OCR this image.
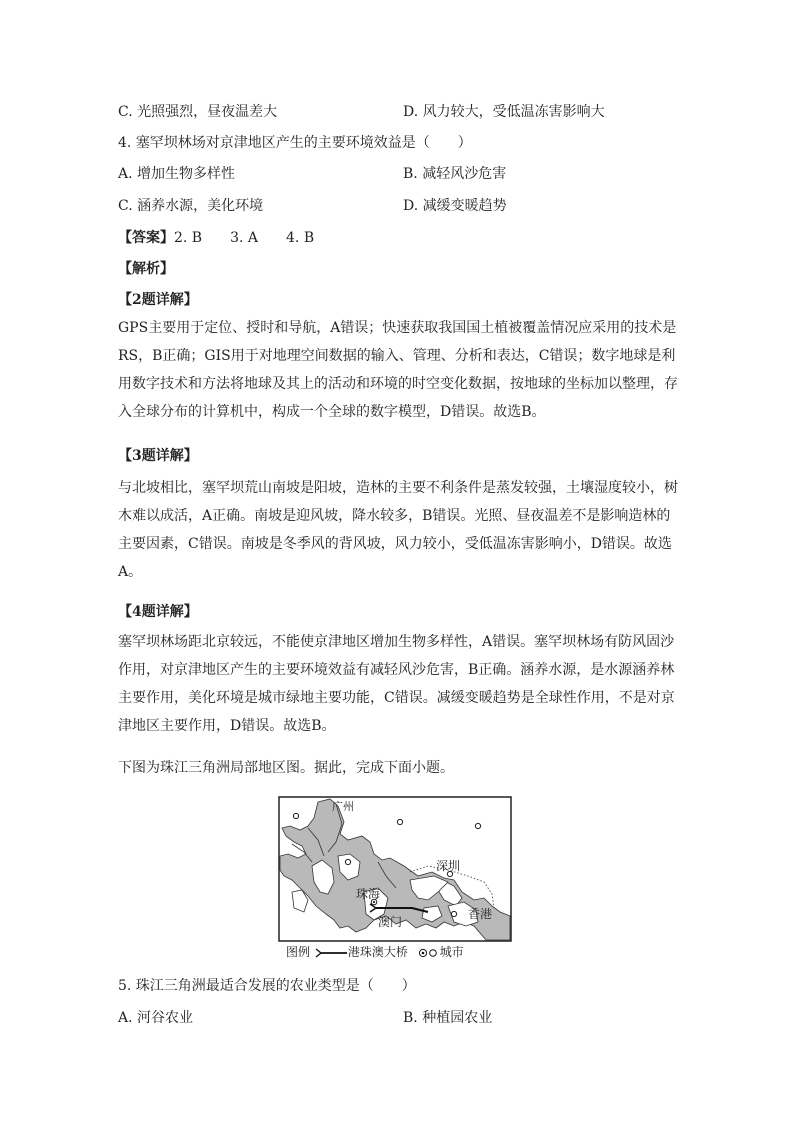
C. 光照强烈，昼夜温差大	D. 风力较大，受低温冻害影响大
4. 塞罕坝林场对京津地区产生的主要环境效益是（　　）
A. 增加生物多样性	B. 减轻风沙危害
C. 涵养水源，美化环境	D. 减缓变暖趋势
【答案】2. B　　3. A　　4. B
【解析】
【2题详解】
GPS主要用于定位、授时和导航，A错误；快速获取我国国土植被覆盖情况应采用的技术是
RS，B正确；GIS用于对地理空间数据的输入、管理、分析和表达，C错误；数字地球是利
用数字技术和方法将地球及其上的活动和环境的时空变化数据，按地球的坐标加以整理，存
入全球分布的计算机中，构成一个全球的数字模型，D错误。故选B。
【3题详解】
与北坡相比，塞罕坝荒山南坡是阳坡，造林的主要不利条件是蒸发较强，土壤湿度较小，树
木难以成活，A正确。南坡是迎风坡，降水较多，B错误。光照、昼夜温差不是影响造林的
主要因素，C错误。南坡是冬季风的背风坡，风力较小，受低温冻害影响小，D错误。故选
A。
【4题详解】
塞罕坝林场距北京较远，不能使京津地区增加生物多样性，A错误。塞罕坝林场有防风固沙
作用，对京津地区产生的主要环境效益有减轻风沙危害，B正确。涵养水源，是水源涵养林
主要作用，美化环境是城市绿地主要功能，C错误。减缓变暖趋势是全球性作用，不是对京
津地区主要作用，D错误。故选B。
下图为珠江三角洲局部地区图。据此，完成下面小题。
广州
深圳
珠海
澳门
香港
图例	港珠澳大桥	城市
5. 珠江三角洲最适合发展的农业类型是（　　）
A. 河谷农业	B. 种植园农业
